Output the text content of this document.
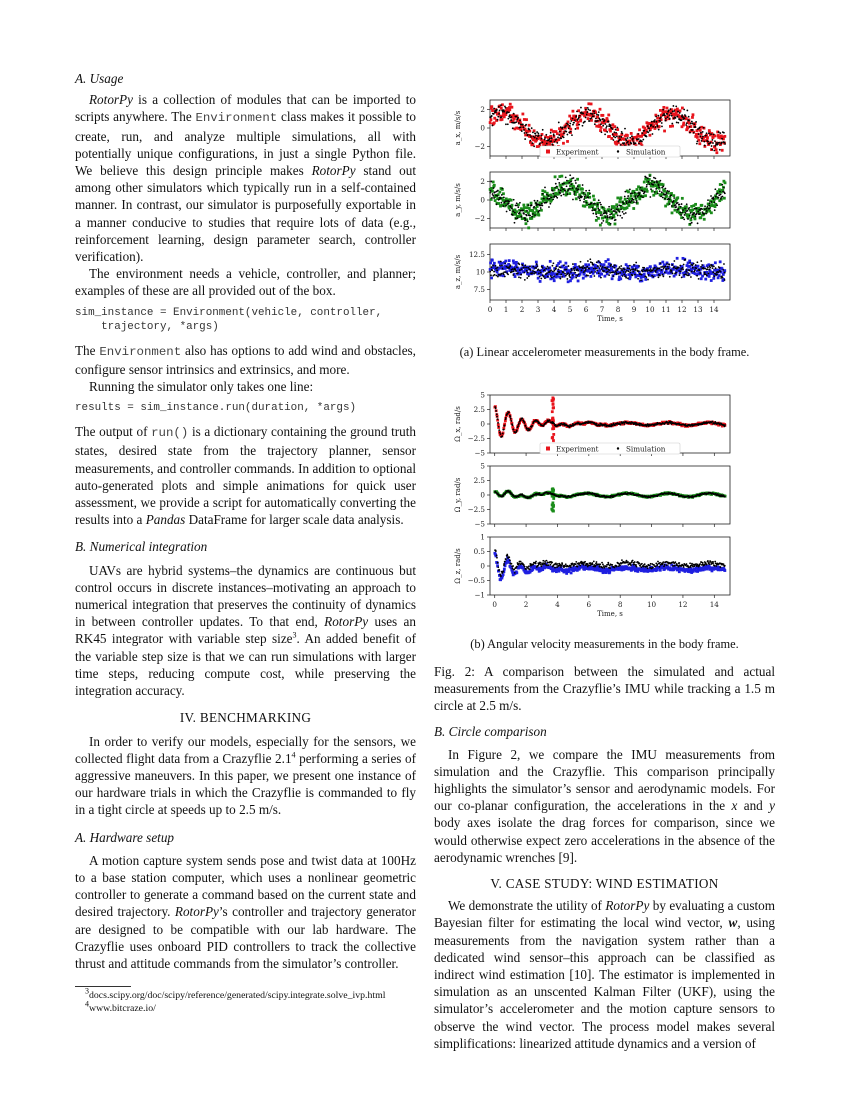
A. Usage

RotorPy is a collection of modules that can be imported to scripts anywhere. The Environment class makes it possible to create, run, and analyze multiple simulations, all with potentially unique configurations, in just a single Python file. We believe this design principle makes RotorPy stand out among other simulators which typically run in a self-contained manner. In contrast, our simulator is purposefully exportable in a manner conducive to studies that require lots of data (e.g., reinforcement learning, design parameter search, controller verification).

The environment needs a vehicle, controller, and planner; examples of these are all provided out of the box.

sim_instance = Environment(vehicle, controller,
trajectory, *args)

The Environment also has options to add wind and obstacles, configure sensor intrinsics and extrinsics, and more.

Running the simulator only takes one line:

results = sim_instance.run(duration, *args)

The output of run() is a dictionary containing the ground truth states, desired state from the trajectory planner, sensor measurements, and controller commands. In addition to optional auto-generated plots and simple animations for quick user assessment, we provide a script for automatically converting the results into a Pandas DataFrame for larger scale data analysis.

B. Numerical integration

UAVs are hybrid systems–the dynamics are continuous but control occurs in discrete instances–motivating an approach to numerical integration that preserves the continuity of dynamics in between controller updates. To that end, RotorPy uses an RK45 integrator with variable step size$^3$. An added benefit of the variable step size is that we can run simulations with larger time steps, reducing compute cost, while preserving the integration accuracy.

IV. BENCHMARKING

In order to verify our models, especially for the sensors, we collected flight data from a Crazyflie $2.1^4$ performing a series of aggressive maneuvers. In this paper, we present one instance of our hardware trials in which the Crazyflie is commanded to fly in a tight circle at speeds up to 2.5 m/s.

A. Hardware setup

A motion capture system sends pose and twist data at 100Hz to a base station computer, which uses a nonlinear geometric controller to generate a command based on the current state and desired trajectory. RotorPy’s controller and trajectory generator are designed to be compatible with our lab hardware. The Crazyflie uses onboard PID controllers to track the collective thrust and attitude commands from the simulator’s controller.

$^3$docs.scipy.org/doc/scipy/reference/generated/scipy.integrate.solve_ivp.html
$^4$www.bitcraze.io/
−2
0
2
a_x, m/s/s
Experiment	Simulation
−2
0
2
a_y, m/s/s
7.5
10
12.5
a_z, m/s/s
0 1 2 3 4 5 6 7 8 9 10 11 12 13 14
Time, s

(a) Linear accelerometer measurements in the body frame.

−5
−2.5
0
2.5
5
Ω_x, rad/s
Experiment	Simulation
−5
−2.5
0
2.5
5
Ω_y, rad/s
−1
−0.5
0
0.5
1
Ω_z, rad/s
0	2	4	6	8	10	12	14
Time, s

(b) Angular velocity measurements in the body frame.

Fig. 2: A comparison between the simulated and actual measurements from the Crazyflie’s IMU while tracking a 1.5 m circle at 2.5 m/s.

B. Circle comparison

In Figure 2, we compare the IMU measurements from simulation and the Crazyflie. This comparison principally highlights the simulator’s sensor and aerodynamic models. For our co-planar configuration, the accelerations in the x and y body axes isolate the drag forces for comparison, since we would otherwise expect zero accelerations in the absence of the aerodynamic wrenches [9].

V. CASE STUDY: WIND ESTIMATION

We demonstrate the utility of RotorPy by evaluating a custom Bayesian filter for estimating the local wind vector, w, using measurements from the navigation system rather than a dedicated wind sensor–this approach can be classified as indirect wind estimation [10]. The estimator is implemented in simulation as an unscented Kalman Filter (UKF), using the simulator’s accelerometer and the motion capture sensors to observe the wind vector. The process model makes several simplifications: linearized attitude dynamics and a version of
